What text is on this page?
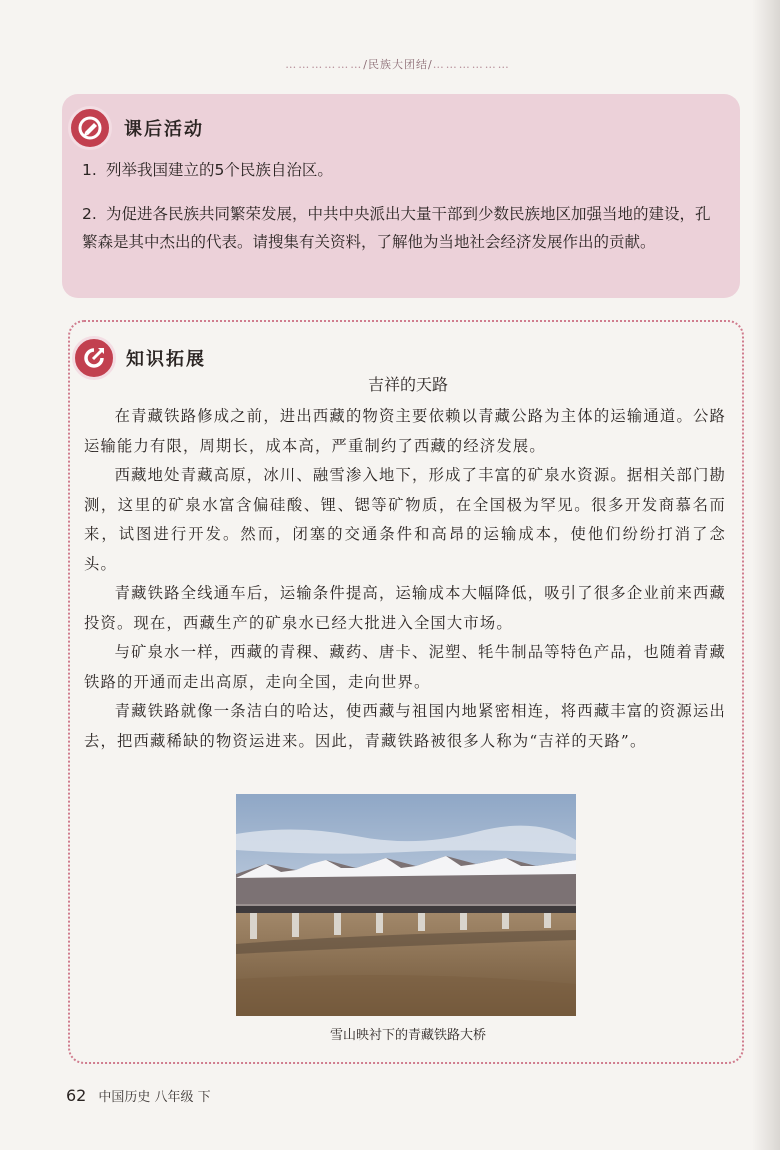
………………/民族大团结/………………
课后活动
1. 列举我国建立的5个民族自治区。
2. 为促进各民族共同繁荣发展，中共中央派出大量干部到少数民族地区加强当地的建设，孔繁森是其中杰出的代表。请搜集有关资料，了解他为当地社会经济发展作出的贡献。
知识拓展
吉祥的天路

在青藏铁路修成之前，进出西藏的物资主要依赖以青藏公路为主体的运输通道。公路运输能力有限，周期长，成本高，严重制约了西藏的经济发展。

西藏地处青藏高原，冰川、融雪渗入地下，形成了丰富的矿泉水资源。据相关部门勘测，这里的矿泉水富含偏硅酸、锂、锶等矿物质，在全国极为罕见。很多开发商慕名而来，试图进行开发。然而，闭塞的交通条件和高昂的运输成本，使他们纷纷打消了念头。

青藏铁路全线通车后，运输条件提高，运输成本大幅降低，吸引了很多企业前来西藏投资。现在，西藏生产的矿泉水已经大批进入全国大市场。

与矿泉水一样，西藏的青稞、藏药、唐卡、泥塑、牦牛制品等特色产品，也随着青藏铁路的开通而走出高原，走向全国，走向世界。

青藏铁路就像一条洁白的哈达，使西藏与祖国内地紧密相连，将西藏丰富的资源运出去，把西藏稀缺的物资运进来。因此，青藏铁路被很多人称为“吉祥的天路”。

雪山映衬下的青藏铁路大桥
62 中国历史 八年级 下
